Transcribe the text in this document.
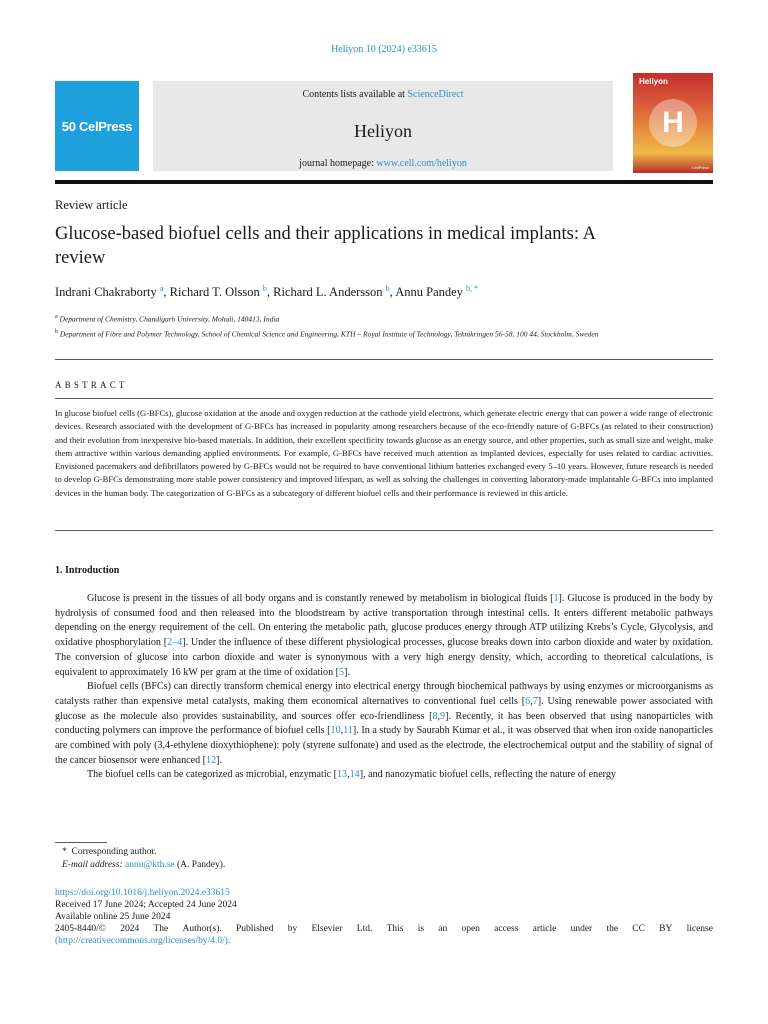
Heliyon 10 (2024) e33615
50 CelPress
Contents lists available at ScienceDirect
Heliyon
journal homepage: www.cell.com/heliyon
Heliyon
H
CellPress
Review article
Glucose-based biofuel cells and their applications in medical implants: A review
Indrani Chakraborty $^a$, Richard T. Olsson $^b$, Richard L. Andersson $^b$, Annu Pandey $^{b, *}$
$^a$ Department of Chemistry, Chandigarh University, Mohali, 140413, India
$^b$ Department of Fibre and Polymer Technology, School of Chemical Science and Engineering, KTH – Royal Institute of Technology, Teknikringen 56-58, 100 44, Stockholm, Sweden
ABSTRACT
In glucose biofuel cells (G-BFCs), glucose oxidation at the anode and oxygen reduction at the cathode yield electrons, which generate electric energy that can power a wide range of electronic devices. Research associated with the development of G-BFCs has increased in popularity among researchers because of the eco-friendly nature of G-BFCs (as related to their construction) and their evolution from inexpensive bio-based materials. In addition, their excellent specificity towards glucose as an energy source, and other properties, such as small size and weight, make them attractive within various demanding applied environments. For example, G-BFCs have received much attention as implanted devices, especially for uses related to cardiac activities. Envisioned pacemakers and defibrillators powered by G-BFCs would not be required to have conventional lithium batteries exchanged every 5–10 years. However, future research is needed to develop G-BFCs demonstrating more stable power consistency and improved lifespan, as well as solving the challenges in converting laboratory-made implantable G-BFCs into implanted devices in the human body. The categorization of G-BFCs as a subcategory of different biofuel cells and their performance is reviewed in this article.
1. Introduction

Glucose is present in the tissues of all body organs and is constantly renewed by metabolism in biological fluids [1]. Glucose is produced in the body by hydrolysis of consumed food and then released into the bloodstream by active transportation through intestinal cells. It enters different metabolic pathways depending on the energy requirement of the cell. On entering the metabolic path, glucose produces energy through ATP utilizing Krebs’s Cycle, Glycolysis, and oxidative phosphorylation [2–4]. Under the influence of these different physiological processes, glucose breaks down into carbon dioxide and water by oxidation. The conversion of glucose into carbon dioxide and water is synonymous with a very high energy density, which, according to theoretical calculations, is equivalent to approximately 16 kW per gram at the time of oxidation [5].

Biofuel cells (BFCs) can directly transform chemical energy into electrical energy through biochemical pathways by using enzymes or microorganisms as catalysts rather than expensive metal catalysts, making them economical alternatives to conventional fuel cells [6,7]. Using renewable power associated with glucose as the molecule also provides sustainability, and sources offer eco-friendliness [8,9]. Recently, it has been observed that using nanoparticles with conducting polymers can improve the performance of biofuel cells [10,11]. In a study by Saurabh Kumar et al., it was observed that when iron oxide nanoparticles are combined with poly (3,4-ethylene dioxythiophene): poly (styrene sulfonate) and used as the electrode, the electrochemical output and the stability of signal of the cancer biosensor were enhanced [12].

The biofuel cells can be categorized as microbial, enzymatic [13,14], and nanozymatic biofuel cells, reflecting the nature of energy

* Corresponding author.
E-mail address: annu@kth.se (A. Pandey).
https://doi.org/10.1016/j.heliyon.2024.e33615
Received 17 June 2024; Accepted 24 June 2024
Available online 25 June 2024
2405-8440/© 2024 The Author(s). Published by Elsevier Ltd. This is an open access article under the CC BY license
(http://creativecommons.org/licenses/by/4.0/).
